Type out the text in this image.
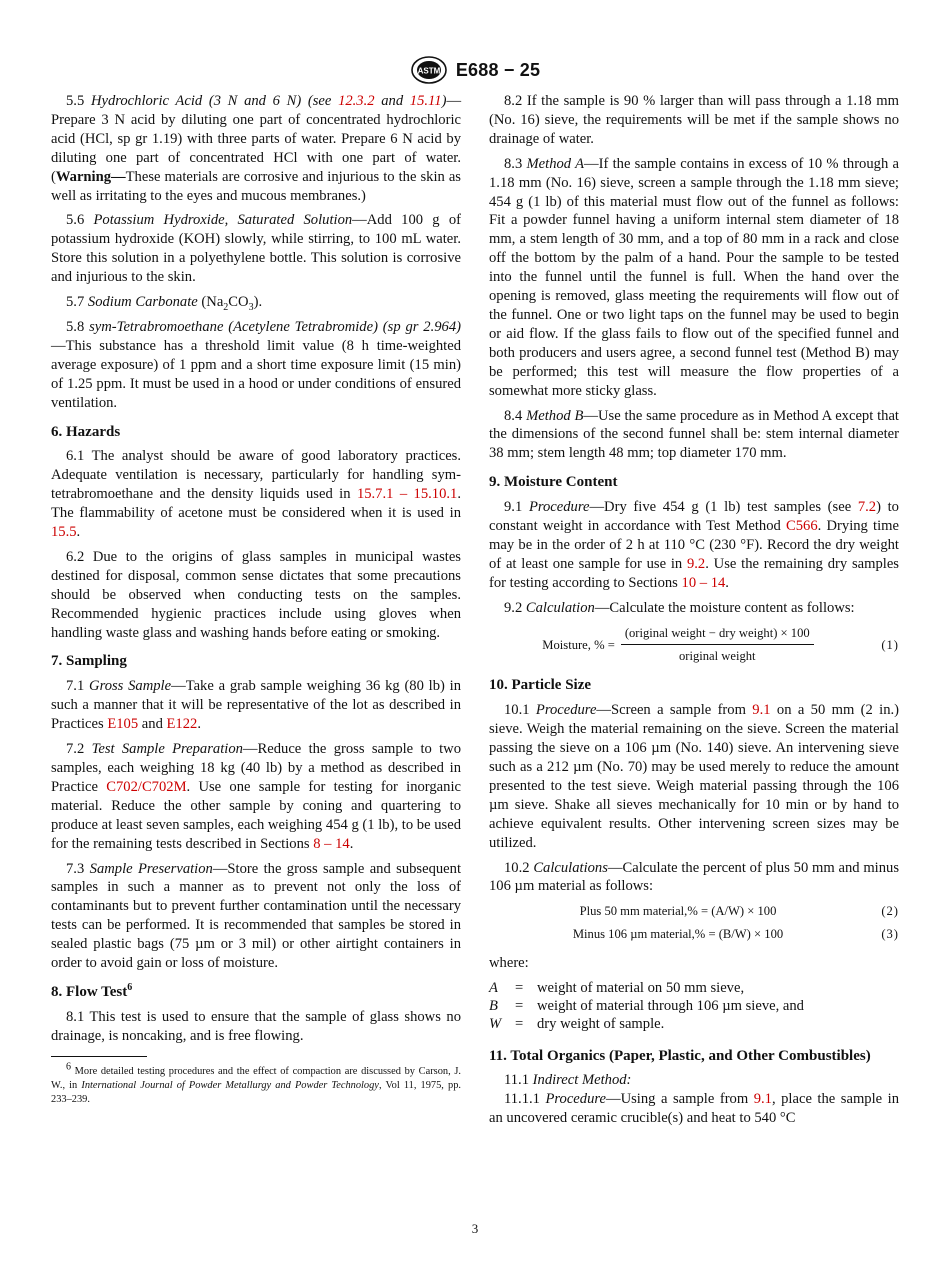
ASTM E688 − 25

5.5 Hydrochloric Acid (3 N and 6 N) (see 12.3.2 and 15.11)—Prepare 3 N acid by diluting one part of concentrated hydrochloric acid (HCl, sp gr 1.19) with three parts of water. Prepare 6 N acid by diluting one part of concentrated HCl with one part of water. (Warning—These materials are corrosive and injurious to the skin as well as irritating to the eyes and mucous membranes.)

5.6 Potassium Hydroxide, Saturated Solution—Add 100 g of potassium hydroxide (KOH) slowly, while stirring, to 100 mL water. Store this solution in a polyethylene bottle. This solution is corrosive and injurious to the skin.

5.7 Sodium Carbonate $(Na_2CO_3)$.

5.8 sym-Tetrabromoethane (Acetylene Tetrabromide) (sp gr 2.964)—This substance has a threshold limit value (8 h time-weighted average exposure) of 1 ppm and a short time exposure limit (15 min) of 1.25 ppm. It must be used in a hood or under conditions of ensured ventilation.

6. Hazards

6.1 The analyst should be aware of good laboratory practices. Adequate ventilation is necessary, particularly for handling sym-tetrabromoethane and the density liquids used in 15.7.1 – 15.10.1. The flammability of acetone must be considered when it is used in 15.5.

6.2 Due to the origins of glass samples in municipal wastes destined for disposal, common sense dictates that some precautions should be observed when conducting tests on the samples. Recommended hygienic practices include using gloves when handling waste glass and washing hands before eating or smoking.

7. Sampling

7.1 Gross Sample—Take a grab sample weighing 36 kg (80 lb) in such a manner that it will be representative of the lot as described in Practices E105 and E122.

7.2 Test Sample Preparation—Reduce the gross sample to two samples, each weighing 18 kg (40 lb) by a method as described in Practice C702/C702M. Use one sample for testing for inorganic material. Reduce the other sample by coning and quartering to produce at least seven samples, each weighing 454 g (1 lb), to be used for the remaining tests described in Sections 8 – 14.

7.3 Sample Preservation—Store the gross sample and subsequent samples in such a manner as to prevent not only the loss of contaminants but to prevent further contamination until the necessary tests can be performed. It is recommended that samples be stored in sealed plastic bags (75 µm or 3 mil) or other airtight containers in order to avoid gain or loss of moisture.

8. Flow Test$^6$

8.1 This test is used to ensure that the sample of glass shows no drainage, is noncaking, and is free flowing.

$^6$ More detailed testing procedures and the effect of compaction are discussed by Carson, J. W., in International Journal of Powder Metallurgy and Powder Technology, Vol 11, 1975, pp. 233–239.

8.2 If the sample is 90 % larger than will pass through a 1.18 mm (No. 16) sieve, the requirements will be met if the sample shows no drainage of water.

8.3 Method A—If the sample contains in excess of 10 % through a 1.18 mm (No. 16) sieve, screen a sample through the 1.18 mm sieve; 454 g (1 lb) of this material must flow out of the funnel as follows: Fit a powder funnel having a uniform internal stem diameter of 18 mm, a stem length of 30 mm, and a top of 80 mm in a rack and close off the bottom by the palm of a hand. Pour the sample to be tested into the funnel until the funnel is full. When the hand over the opening is removed, glass meeting the requirements will flow out of the funnel. One or two light taps on the funnel may be used to begin or aid flow. If the glass fails to flow out of the specified funnel and both producers and users agree, a second funnel test (Method B) may be performed; this test will measure the flow properties of a somewhat more sticky glass.

8.4 Method B—Use the same procedure as in Method A except that the dimensions of the second funnel shall be: stem internal diameter 38 mm; stem length 48 mm; top diameter 170 mm.

9. Moisture Content

9.1 Procedure—Dry five 454 g (1 lb) test samples (see 7.2) to constant weight in accordance with Test Method C566. Drying time may be in the order of 2 h at 110 °C (230 °F). Record the dry weight of at least one sample for use in 9.2. Use the remaining dry samples for testing according to Sections 10 – 14.

9.2 Calculation—Calculate the moisture content as follows:

Moisture, % = $\frac{\text{(original weight − dry weight) × 100}}{\text{original weight}}$	(1)
10. Particle Size

10.1 Procedure—Screen a sample from 9.1 on a 50 mm (2 in.) sieve. Weigh the material remaining on the sieve. Screen the material passing the sieve on a 106 µm (No. 140) sieve. An intervening sieve such as a 212 µm (No. 70) may be used merely to reduce the amount presented to the test sieve. Weigh material passing through the 106 µm sieve. Shake all sieves mechanically for 10 min or by hand to achieve equivalent results. Other intervening screen sizes may be utilized.

10.2 Calculations—Calculate the percent of plus 50 mm and minus 106 µm material as follows:

Plus 50 mm material,% = (A/W) × 100	(2)
Minus 106 µm material,% = (B/W) × 100	(3)

where:

A	= weight of material on 50 mm sieve,
B	= weight of material through 106 µm sieve, and
W = dry weight of sample.
11. Total Organics (Paper, Plastic, and Other Combustibles)

11.1 Indirect Method:

11.1.1 Procedure—Using a sample from 9.1, place the sample in an uncovered ceramic crucible(s) and heat to 540 °C

3
